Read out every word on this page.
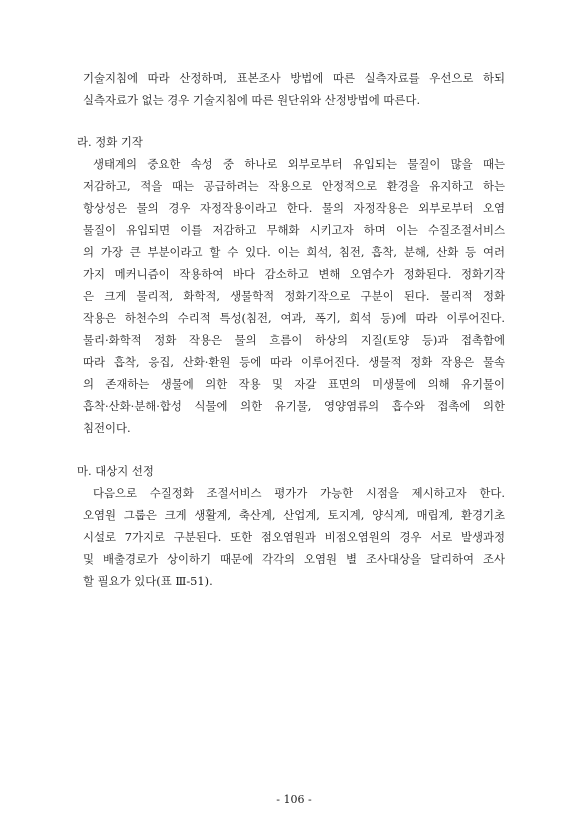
기술지침에 따라 산정하며, 표본조사 방법에 따른 실측자료를 우선으로 하되

실측자료가 없는 경우 기술지침에 따른 원단위와 산정방법에 따른다.

라. 정화 기작

생태계의 중요한 속성 중 하나로 외부로부터 유입되는 물질이 많을 때는

저감하고, 적을 때는 공급하려는 작용으로 안정적으로 환경을 유지하고 하는

항상성은 물의 경우 자정작용이라고 한다. 물의 자정작용은 외부로부터 오염

물질이 유입되면 이를 저감하고 무해화 시키고자 하며 이는 수질조절서비스

의 가장 큰 부분이라고 할 수 있다. 이는 희석, 침전, 흡착, 분해, 산화 등 여러

가지 메커니즘이 작용하여 바다 감소하고 변해 오염수가 정화된다. 정화기작

은 크게 물리적, 화학적, 생물학적 정화기작으로 구분이 된다. 물리적 정화

작용은 하천수의 수리적 특성(침전, 여과, 폭기, 희석 등)에 따라 이루어진다.

물리·화학적 정화 작용은 물의 흐름이 하상의 지질(토양 등)과 접촉함에

따라 흡착, 응집, 산화·환원 등에 따라 이루어진다. 생물적 정화 작용은 물속

의 존재하는 생물에 의한 작용 및 자갈 표면의 미생물에 의해 유기물이

흡착·산화·분해·합성 식물에 의한 유기물, 영양염류의 흡수와 접촉에 의한

침전이다.

마. 대상지 선정

다음으로 수질정화 조절서비스 평가가 가능한 시점을 제시하고자 한다.

오염원 그룹은 크게 생활계, 축산계, 산업계, 토지계, 양식계, 매립계, 환경기초

시설로 7가지로 구분된다. 또한 점오염원과 비점오염원의 경우 서로 발생과정

및 배출경로가 상이하기 때문에 각각의 오염원 별 조사대상을 달리하여 조사

할 필요가 있다(표 Ⅲ-51).

- 106 -
